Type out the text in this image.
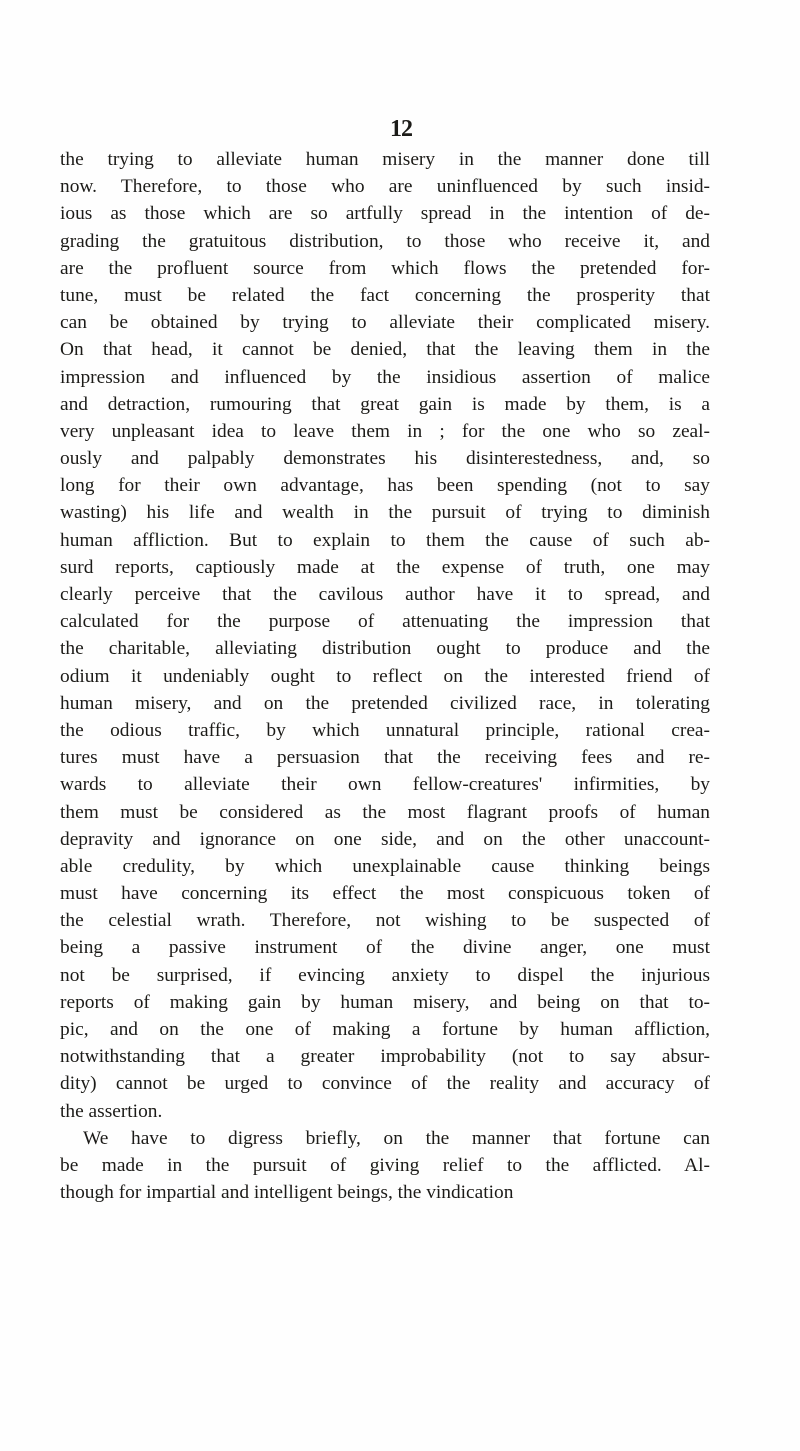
12
the trying to alleviate human misery in the manner done till
now. Therefore, to those who are uninfluenced by such insid-
ious as those which are so artfully spread in the intention of de-
grading the gratuitous distribution, to those who receive it, and
are the profluent source from which flows the pretended for-
tune, must be related the fact concerning the prosperity that
can be obtained by trying to alleviate their complicated misery.
On that head, it cannot be denied, that the leaving them in the
impression and influenced by the insidious assertion of malice
and detraction, rumouring that great gain is made by them, is a
very unpleasant idea to leave them in ; for the one who so zeal-
ously and palpably demonstrates his disinterestedness, and, so
long for their own advantage, has been spending (not to say
wasting) his life and wealth in the pursuit of trying to diminish
human affliction. But to explain to them the cause of such ab-
surd reports, captiously made at the expense of truth, one may
clearly perceive that the cavilous author have it to spread, and
calculated for the purpose of attenuating the impression that
the charitable, alleviating distribution ought to produce and the
odium it undeniably ought to reflect on the interested friend of
human misery, and on the pretended civilized race, in tolerating
the odious traffic, by which unnatural principle, rational crea-
tures must have a persuasion that the receiving fees and re-
wards to alleviate their own fellow-creatures' infirmities, by
them must be considered as the most flagrant proofs of human
depravity and ignorance on one side, and on the other unaccount-
able credulity, by which unexplainable cause thinking beings
must have concerning its effect the most conspicuous token of
the celestial wrath. Therefore, not wishing to be suspected of
being a passive instrument of the divine anger, one must
not be surprised, if evincing anxiety to dispel the injurious
reports of making gain by human misery, and being on that to-
pic, and on the one of making a fortune by human affliction,
notwithstanding that a greater improbability (not to say absur-
dity) cannot be urged to convince of the reality and accuracy of
the assertion.
We have to digress briefly, on the manner that fortune can
be made in the pursuit of giving relief to the afflicted. Al-
though for impartial and intelligent beings, the vindication
